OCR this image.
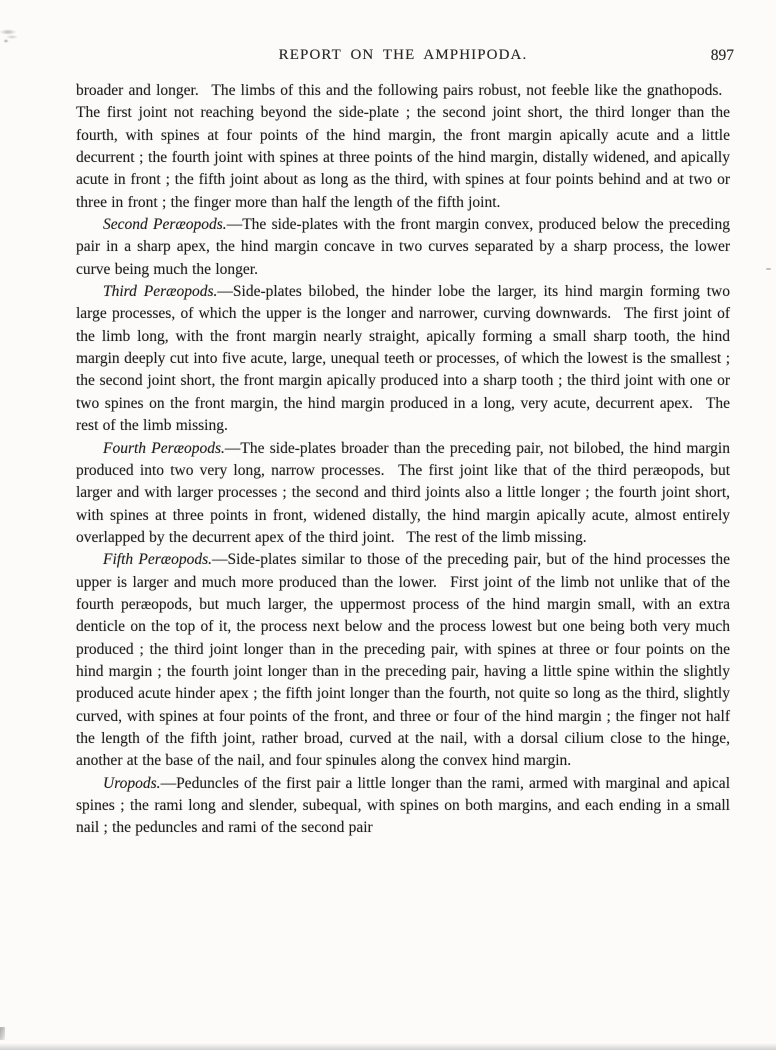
REPORT ON THE AMPHIPODA.	897

broader and longer.  The limbs of this and the following pairs robust, not feeble like the gnathopods.  The first joint not reaching beyond the side-plate ; the second joint short, the third longer than the fourth, with spines at four points of the hind margin, the front margin apically acute and a little decurrent ; the fourth joint with spines at three points of the hind margin, distally widened, and apically acute in front ; the fifth joint about as long as the third, with spines at four points behind and at two or three in front ; the finger more than half the length of the fifth joint.

Second Peræopods.—The side-plates with the front margin convex, produced below the preceding pair in a sharp apex, the hind margin concave in two curves separated by a sharp process, the lower curve being much the longer.

Third Peræopods.—Side-plates bilobed, the hinder lobe the larger, its hind margin forming two large processes, of which the upper is the longer and narrower, curving downwards.  The first joint of the limb long, with the front margin nearly straight, apically forming a small sharp tooth, the hind margin deeply cut into five acute, large, unequal teeth or processes, of which the lowest is the smallest ; the second joint short, the front margin apically produced into a sharp tooth ; the third joint with one or two spines on the front margin, the hind margin produced in a long, very acute, decurrent apex.  The rest of the limb missing.

Fourth Peræopods.—The side-plates broader than the preceding pair, not bilobed, the hind margin produced into two very long, narrow processes.  The first joint like that of the third peræopods, but larger and with larger processes ; the second and third joints also a little longer ; the fourth joint short, with spines at three points in front, widened distally, the hind margin apically acute, almost entirely overlapped by the decurrent apex of the third joint.  The rest of the limb missing.

Fifth Peræopods.—Side-plates similar to those of the preceding pair, but of the hind processes the upper is larger and much more produced than the lower.  First joint of the limb not unlike that of the fourth peræopods, but much larger, the uppermost process of the hind margin small, with an extra denticle on the top of it, the process next below and the process lowest but one being both very much produced ; the third joint longer than in the preceding pair, with spines at three or four points on the hind margin ; the fourth joint longer than in the preceding pair, having a little spine within the slightly produced acute hinder apex ; the fifth joint longer than the fourth, not quite so long as the third, slightly curved, with spines at four points of the front, and three or four of the hind margin ; the finger not half the length of the fifth joint, rather broad, curved at the nail, with a dorsal cilium close to the hinge, another at the base of the nail, and four spinules along the convex hind margin.

Uropods.—Peduncles of the first pair a little longer than the rami, armed with marginal and apical spines ; the rami long and slender, subequal, with spines on both margins, and each ending in a small nail ; the peduncles and rami of the second pair
